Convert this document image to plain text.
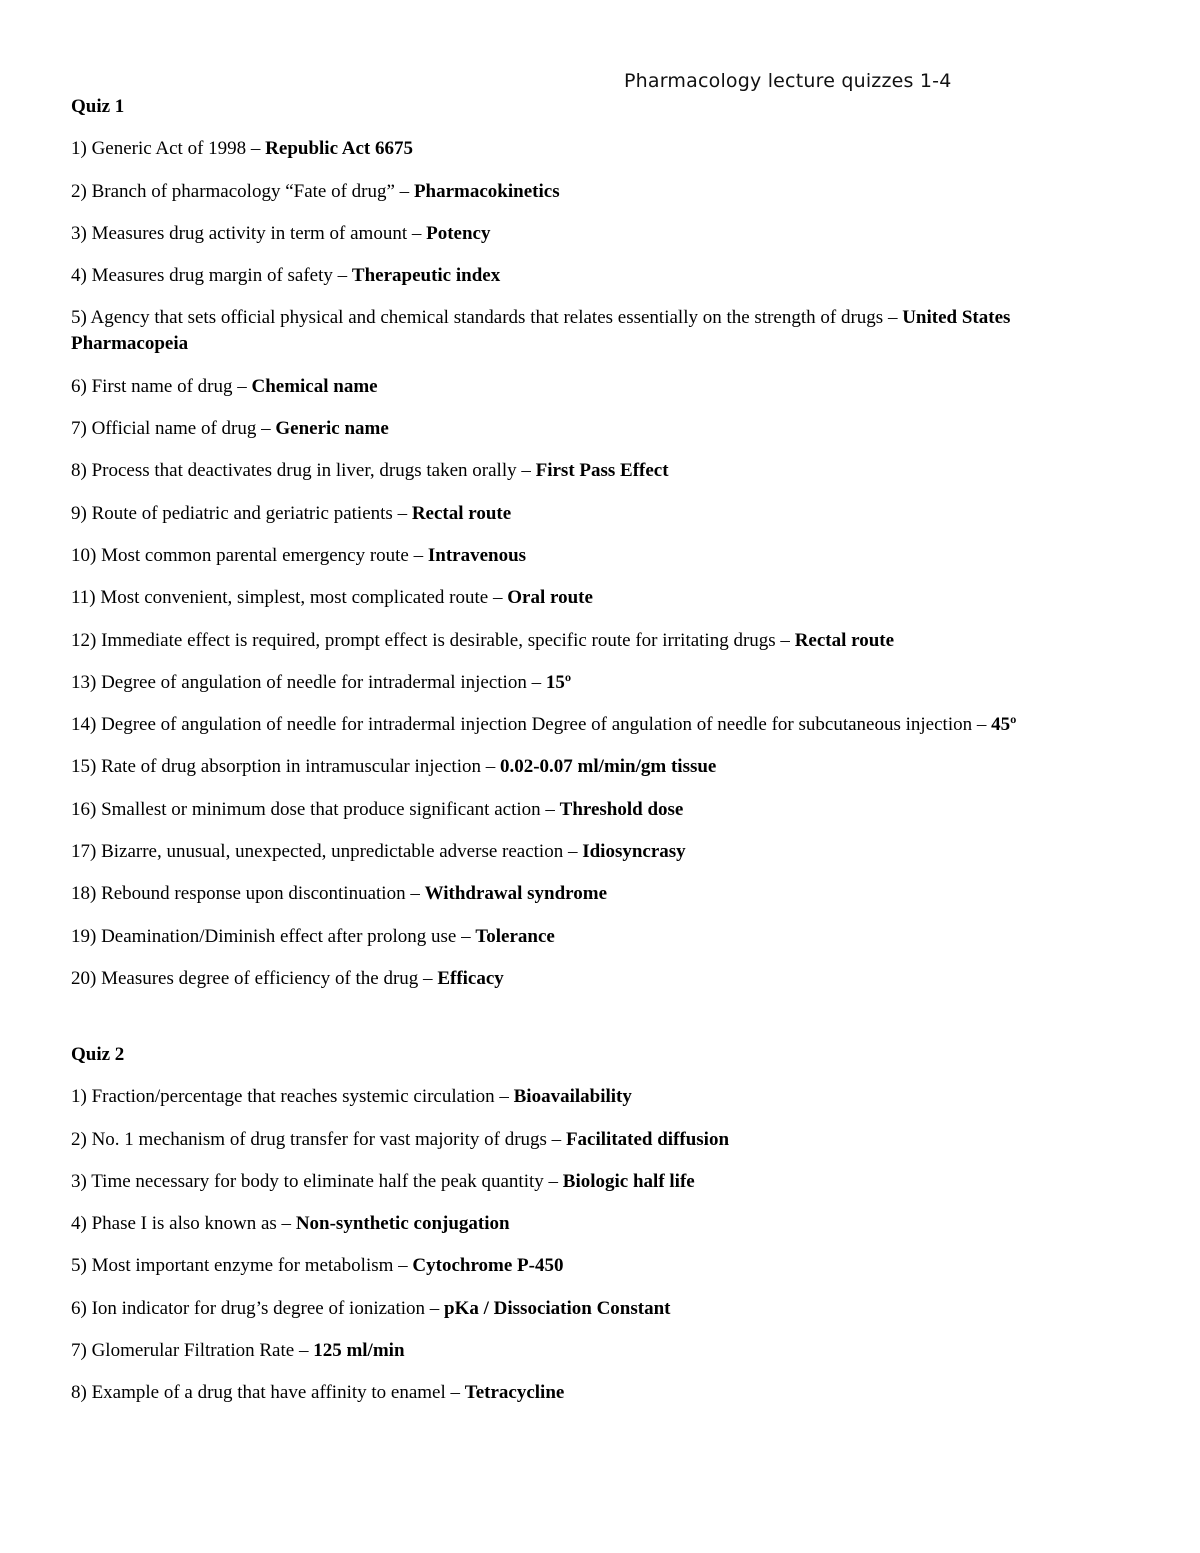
Pharmacology lecture quizzes 1-4
Quiz 1
1) Generic Act of 1998 – Republic Act 6675
2) Branch of pharmacology “Fate of drug” – Pharmacokinetics
3) Measures drug activity in term of amount – Potency
4) Measures drug margin of safety – Therapeutic index
5) Agency that sets official physical and chemical standards that relates essentially on the strength of drugs – United States Pharmacopeia
6) First name of drug – Chemical name
7) Official name of drug – Generic name
8) Process that deactivates drug in liver, drugs taken orally – First Pass Effect
9) Route of pediatric and geriatric patients – Rectal route
10) Most common parental emergency route – Intravenous
11) Most convenient, simplest, most complicated route – Oral route
12) Immediate effect is required, prompt effect is desirable, specific route for irritating drugs – Rectal route
13) Degree of angulation of needle for intradermal injection – 15º
14) Degree of angulation of needle for intradermal injection Degree of angulation of needle for subcutaneous injection – 45º
15) Rate of drug absorption in intramuscular injection – 0.02-0.07 ml/min/gm tissue
16) Smallest or minimum dose that produce significant action – Threshold dose
17) Bizarre, unusual, unexpected, unpredictable adverse reaction – Idiosyncrasy
18) Rebound response upon discontinuation – Withdrawal syndrome
19) Deamination/Diminish effect after prolong use – Tolerance
20) Measures degree of efficiency of the drug – Efficacy
Quiz 2
1) Fraction/percentage that reaches systemic circulation – Bioavailability
2) No. 1 mechanism of drug transfer for vast majority of drugs – Facilitated diffusion
3) Time necessary for body to eliminate half the peak quantity – Biologic half life
4) Phase I is also known as – Non-synthetic conjugation
5) Most important enzyme for metabolism – Cytochrome P-450
6) Ion indicator for drug’s degree of ionization – pKa / Dissociation Constant
7) Glomerular Filtration Rate – 125 ml/min
8) Example of a drug that have affinity to enamel – Tetracycline
